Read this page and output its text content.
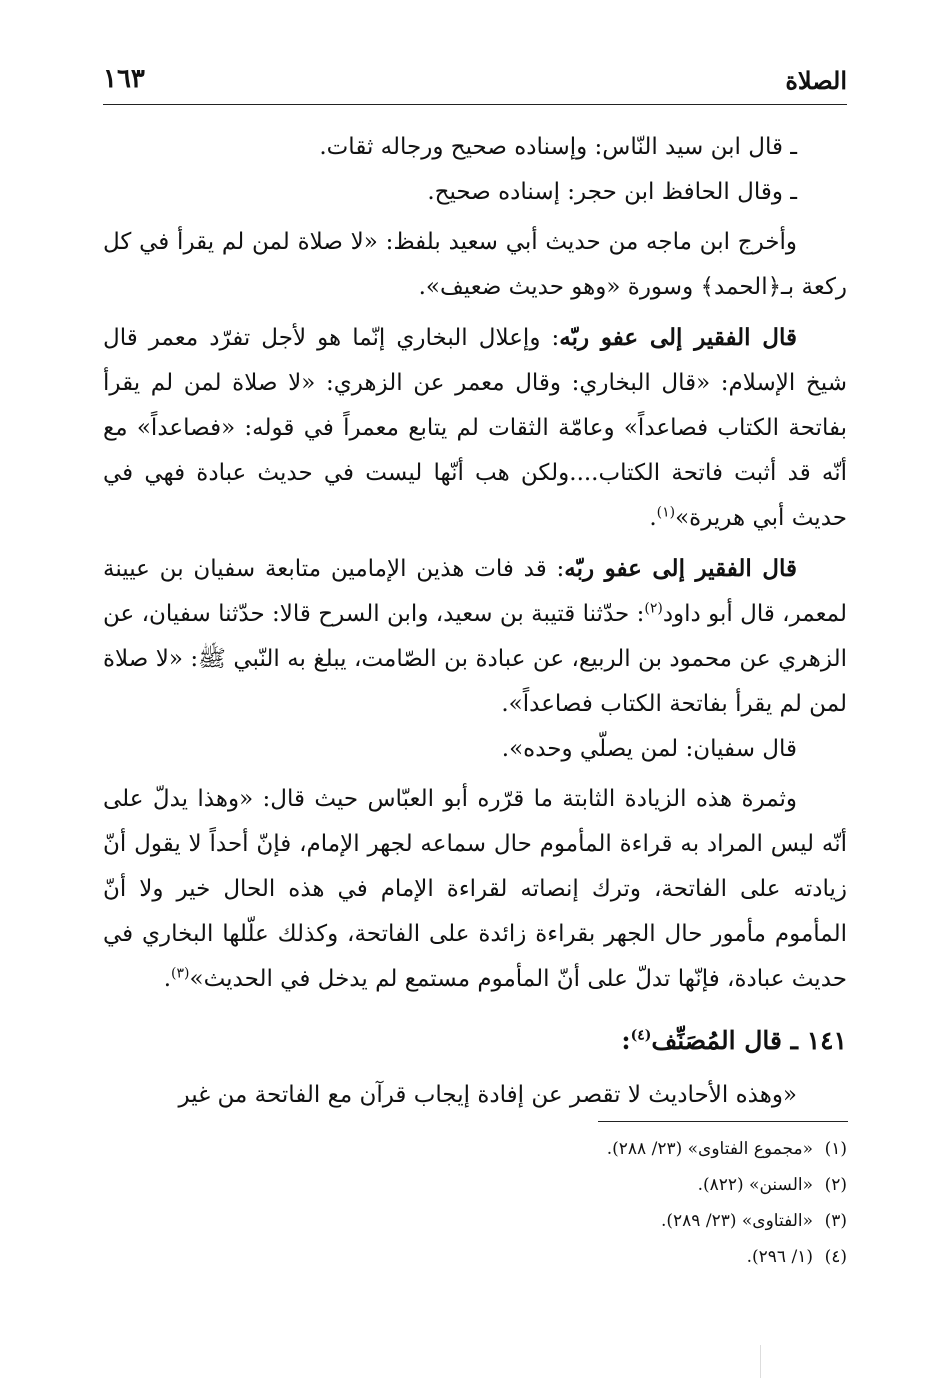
الصلاة
١٦٣

ـ قال ابن سيد النّاس: وإسناده صحيح ورجاله ثقات.

ـ وقال الحافظ ابن حجر: إسناده صحيح.

وأخرج ابن ماجه من حديث أبي سعيد بلفظ: «لا صلاة لمن لم يقرأ في كل ركعة بـ﴿الحمد﴾ وسورة «وهو حديث ضعيف».

قال الفقير إلى عفو ربّه: وإعلال البخاري إنّما هو لأجل تفرّد معمر قال شيخ الإسلام: «قال البخاري: وقال معمر عن الزهري: «لا صلاة لمن لم يقرأ بفاتحة الكتاب فصاعداً» وعامّة الثقات لم يتابع معمراً في قوله: «فصاعداً» مع أنّه قد أثبت فاتحة الكتاب....ولكن هب أنّها ليست في حديث عبادة فهي في حديث أبي هريرة»$^{(١)}$.

قال الفقير إلى عفو ربّه: قد فات هذين الإمامين متابعة سفيان بن عيينة لمعمر، قال أبو داود$^{(٢)}$: حدّثنا قتيبة بن سعيد، وابن السرح قالا: حدّثنا سفيان، عن الزهري عن محمود بن الربيع، عن عبادة بن الصّامت، يبلغ به النّبي ﷺ: «لا صلاة لمن لم يقرأ بفاتحة الكتاب فصاعداً».

قال سفيان: لمن يصلّي وحده».

وثمرة هذه الزيادة الثابتة ما قرّره أبو العبّاس حيث قال: «وهذا يدلّ على أنّه ليس المراد به قراءة المأموم حال سماعه لجهر الإمام، فإنّ أحداً لا يقول أنّ زيادته على الفاتحة، وترك إنصاته لقراءة الإمام في هذه الحال خير ولا أنّ المأموم مأمور حال الجهر بقراءة زائدة على الفاتحة، وكذلك علّلها البخاري في حديث عبادة، فإنّها تدلّ على أنّ المأموم مستمع لم يدخل في الحديث»$^{(٣)}$.

١٤١ ـ قال المُصَنِّف$^{(٤)}$:

«وهذه الأحاديث لا تقصر عن إفادة إيجاب قرآن مع الفاتحة من غير

(١)«مجموع الفتاوى» (٢٣/ ٢٨٨).

(٢)«السنن» (٨٢٢).

(٣)«الفتاوى» (٢٣/ ٢٨٩).

(٤)(١/ ٢٩٦).
